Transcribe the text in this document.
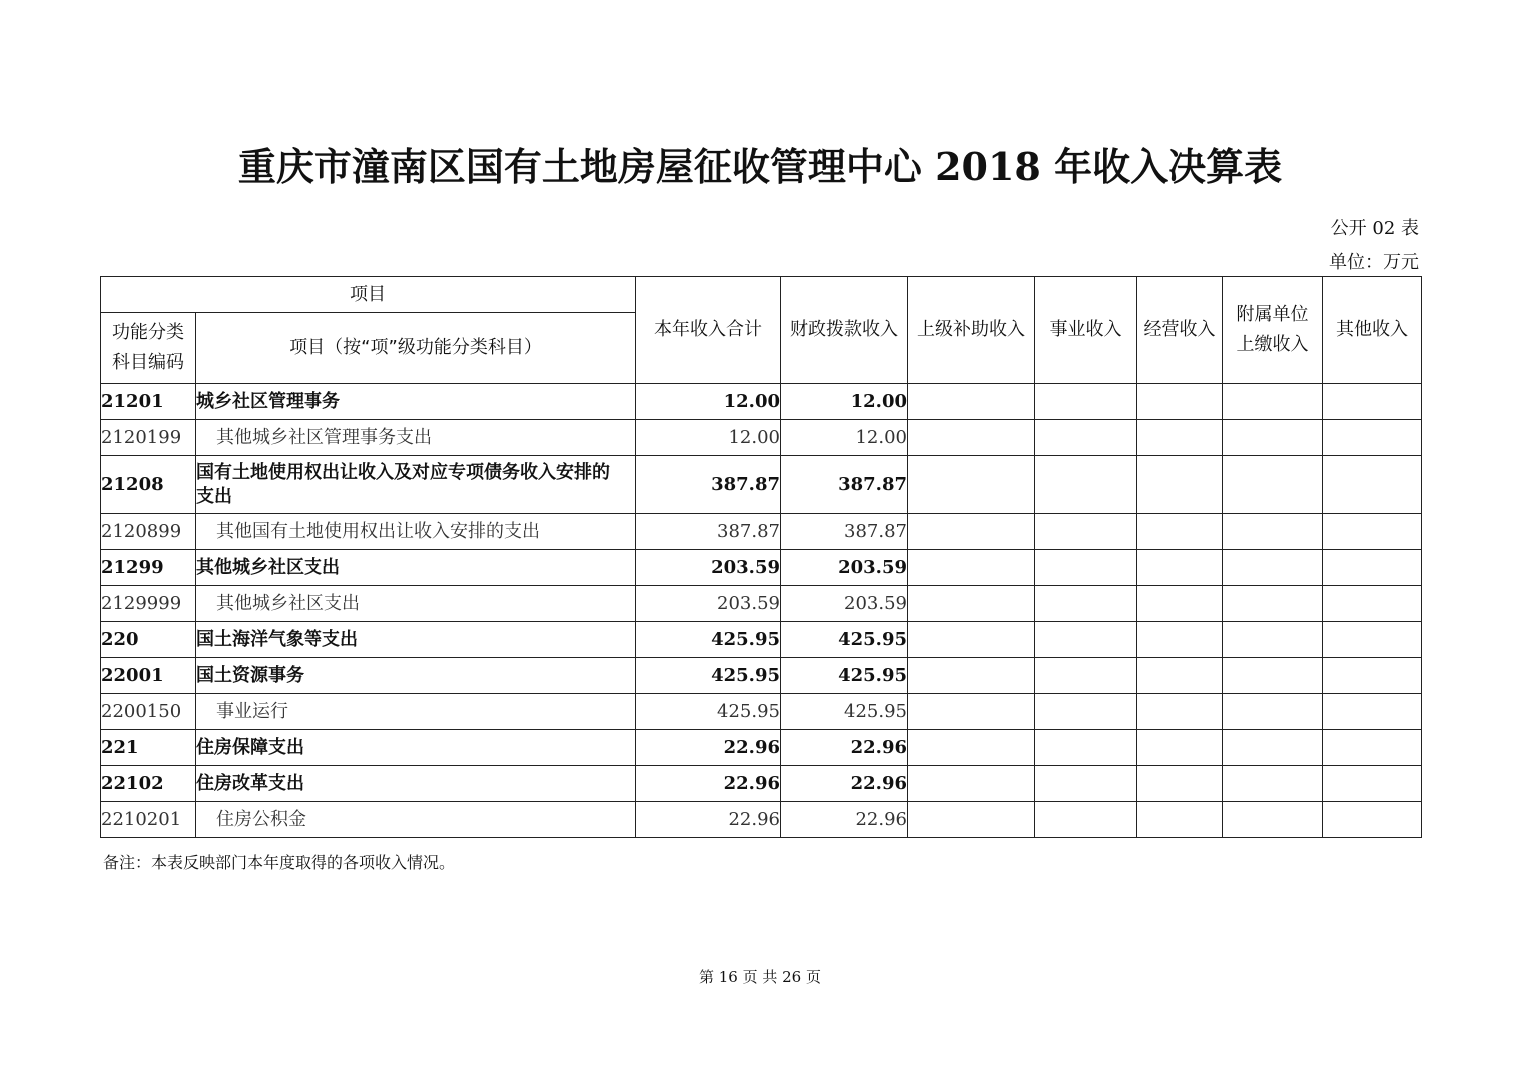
重庆市潼南区国有土地房屋征收管理中心 2018 年收入决算表
公开 02 表
单位：万元
项目		本年收入合计	财政拨款收入	上级补助收入	事业收入	经营收入	附属单位上缴收入	其他收入
功能分类科目编码	项目（按“项”级功能分类科目）							
21201	城乡社区管理事务	12.00	12.00					
2120199	其他城乡社区管理事务支出	12.00	12.00					
21208	国有土地使用权出让收入及对应专项债务收入安排的支出	387.87	387.87					
2120899	其他国有土地使用权出让收入安排的支出	387.87	387.87					
21299	其他城乡社区支出	203.59	203.59					
2129999	其他城乡社区支出	203.59	203.59					
220	国土海洋气象等支出	425.95	425.95					
22001	国土资源事务	425.95	425.95					
2200150	事业运行	425.95	425.95					
221	住房保障支出	22.96	22.96					
22102	住房改革支出	22.96	22.96					
2210201	住房公积金	22.96	22.96					
备注：本表反映部门本年度取得的各项收入情况。
第 16 页 共 26 页
